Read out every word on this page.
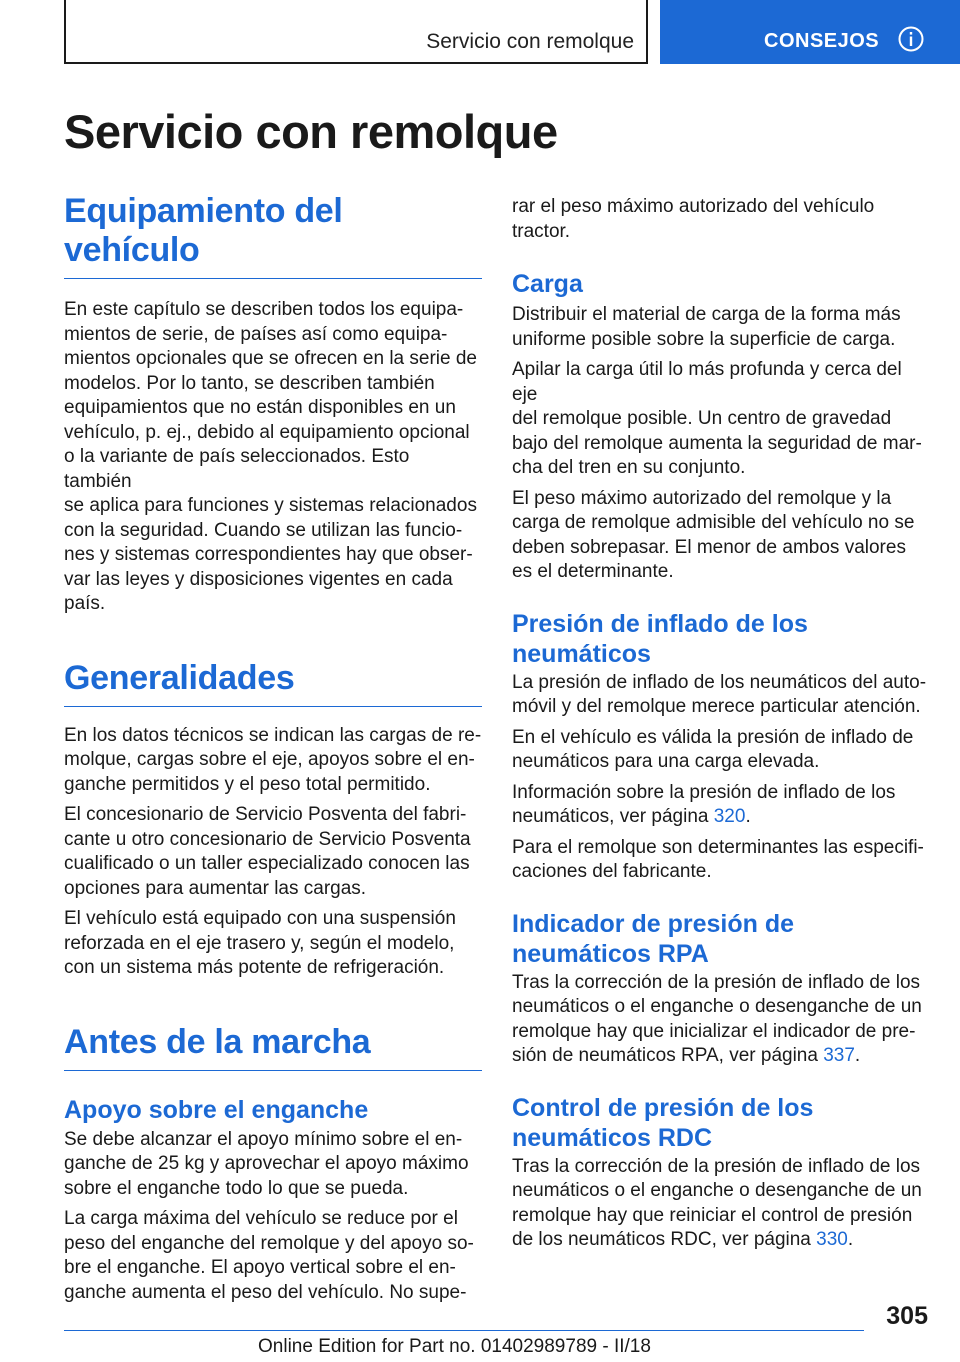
Servicio con remolque	CONSEJOS
Servicio con remolque
Equipamiento del vehículo

En este capítulo se describen todos los equipa‐
mientos de serie, de países así como equipa‐
mientos opcionales que se ofrecen en la serie de
modelos. Por lo tanto, se describen también
equipamientos que no están disponibles en un
vehículo, p. ej., debido al equipamiento opcional
o la variante de país seleccionados. Esto también
se aplica para funciones y sistemas relacionados
con la seguridad. Cuando se utilizan las funcio‐
nes y sistemas correspondientes hay que obser‐
var las leyes y disposiciones vigentes en cada
país.

Generalidades

En los datos técnicos se indican las cargas de re‐
molque, cargas sobre el eje, apoyos sobre el en‐
ganche permitidos y el peso total permitido.

El concesionario de Servicio Posventa del fabri‐
cante u otro concesionario de Servicio Posventa
cualificado o un taller especializado conocen las
opciones para aumentar las cargas.

El vehículo está equipado con una suspensión
reforzada en el eje trasero y, según el modelo,
con un sistema más potente de refrigeración.

Antes de la marcha
Apoyo sobre el enganche

Se debe alcanzar el apoyo mínimo sobre el en‐
ganche de 25 kg y aprovechar el apoyo máximo
sobre el enganche todo lo que se pueda.

La carga máxima del vehículo se reduce por el
peso del enganche del remolque y del apoyo so‐
bre el enganche. El apoyo vertical sobre el en‐
ganche aumenta el peso del vehículo. No supe‐

rar el peso máximo autorizado del vehículo
tractor.

Carga

Distribuir el material de carga de la forma más
uniforme posible sobre la superficie de carga.

Apilar la carga útil lo más profunda y cerca del eje
del remolque posible. Un centro de gravedad
bajo del remolque aumenta la seguridad de mar‐
cha del tren en su conjunto.

El peso máximo autorizado del remolque y la
carga de remolque admisible del vehículo no se
deben sobrepasar. El menor de ambos valores
es el determinante.

Presión de inflado de los
neumáticos

La presión de inflado de los neumáticos del auto‐
móvil y del remolque merece particular atención.

En el vehículo es válida la presión de inflado de
neumáticos para una carga elevada.

Información sobre la presión de inflado de los
neumáticos, ver página 320.

Para el remolque son determinantes las especifi‐
caciones del fabricante.

Indicador de presión de
neumáticos RPA

Tras la corrección de la presión de inflado de los
neumáticos o el enganche o desenganche de un
remolque hay que inicializar el indicador de pre‐
sión de neumáticos RPA, ver página 337.

Control de presión de los
neumáticos RDC

Tras la corrección de la presión de inflado de los
neumáticos o el enganche o desenganche de un
remolque hay que reiniciar el control de presión
de los neumáticos RDC, ver página 330.

305
Online Edition for Part no. 01402989789 - II/18
